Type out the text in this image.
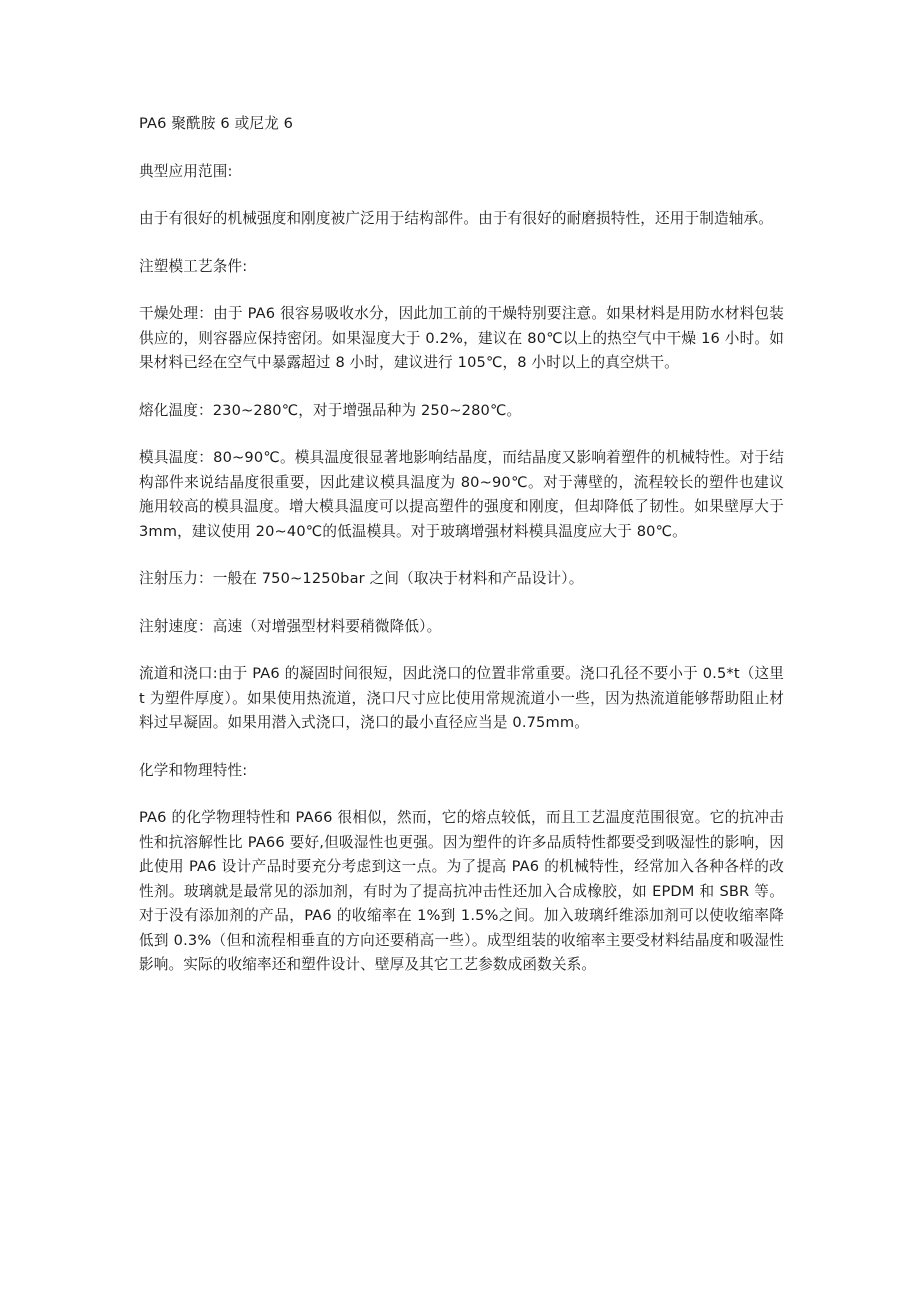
PA6 聚酰胺 6 或尼龙 6

典型应用范围:

由于有很好的机械强度和刚度被广泛用于结构部件。由于有很好的耐磨损特性，还用于制造轴承。

注塑模工艺条件:

干燥处理：由于 PA6 很容易吸收水分，因此加工前的干燥特别要注意。如果材料是用防水材料包装供应的，则容器应保持密闭。如果湿度大于 0.2%，建议在 80℃以上的热空气中干燥 16 小时。如果材料已经在空气中暴露超过 8 小时，建议进行 105℃，8 小时以上的真空烘干。

熔化温度：230~280℃，对于增强品种为 250~280℃。

模具温度：80~90℃。模具温度很显著地影响结晶度，而结晶度又影响着塑件的机械特性。对于结构部件来说结晶度很重要，因此建议模具温度为 80~90℃。对于薄壁的，流程较长的塑件也建议施用较高的模具温度。增大模具温度可以提高塑件的强度和刚度，但却降低了韧性。如果壁厚大于 3mm，建议使用 20~40℃的低温模具。对于玻璃增强材料模具温度应大于 80℃。

注射压力：一般在 750~1250bar 之间（取决于材料和产品设计）。

注射速度：高速（对增强型材料要稍微降低）。

流道和浇口:由于 PA6 的凝固时间很短，因此浇口的位置非常重要。浇口孔径不要小于 0.5*t（这里 t 为塑件厚度）。如果使用热流道，浇口尺寸应比使用常规流道小一些，因为热流道能够帮助阻止材料过早凝固。如果用潜入式浇口，浇口的最小直径应当是 0.75mm。

化学和物理特性:

PA6 的化学物理特性和 PA66 很相似，然而，它的熔点较低，而且工艺温度范围很宽。它的抗冲击性和抗溶解性比 PA66 要好,但吸湿性也更强。因为塑件的许多品质特性都要受到吸湿性的影响，因此使用 PA6 设计产品时要充分考虑到这一点。为了提高 PA6 的机械特性，经常加入各种各样的改性剂。玻璃就是最常见的添加剂，有时为了提高抗冲击性还加入合成橡胶，如 EPDM 和 SBR 等。对于没有添加剂的产品，PA6 的收缩率在 1%到 1.5%之间。加入玻璃纤维添加剂可以使收缩率降低到 0.3%（但和流程相垂直的方向还要稍高一些）。成型组装的收缩率主要受材料结晶度和吸湿性影响。实际的收缩率还和塑件设计、壁厚及其它工艺参数成函数关系。
